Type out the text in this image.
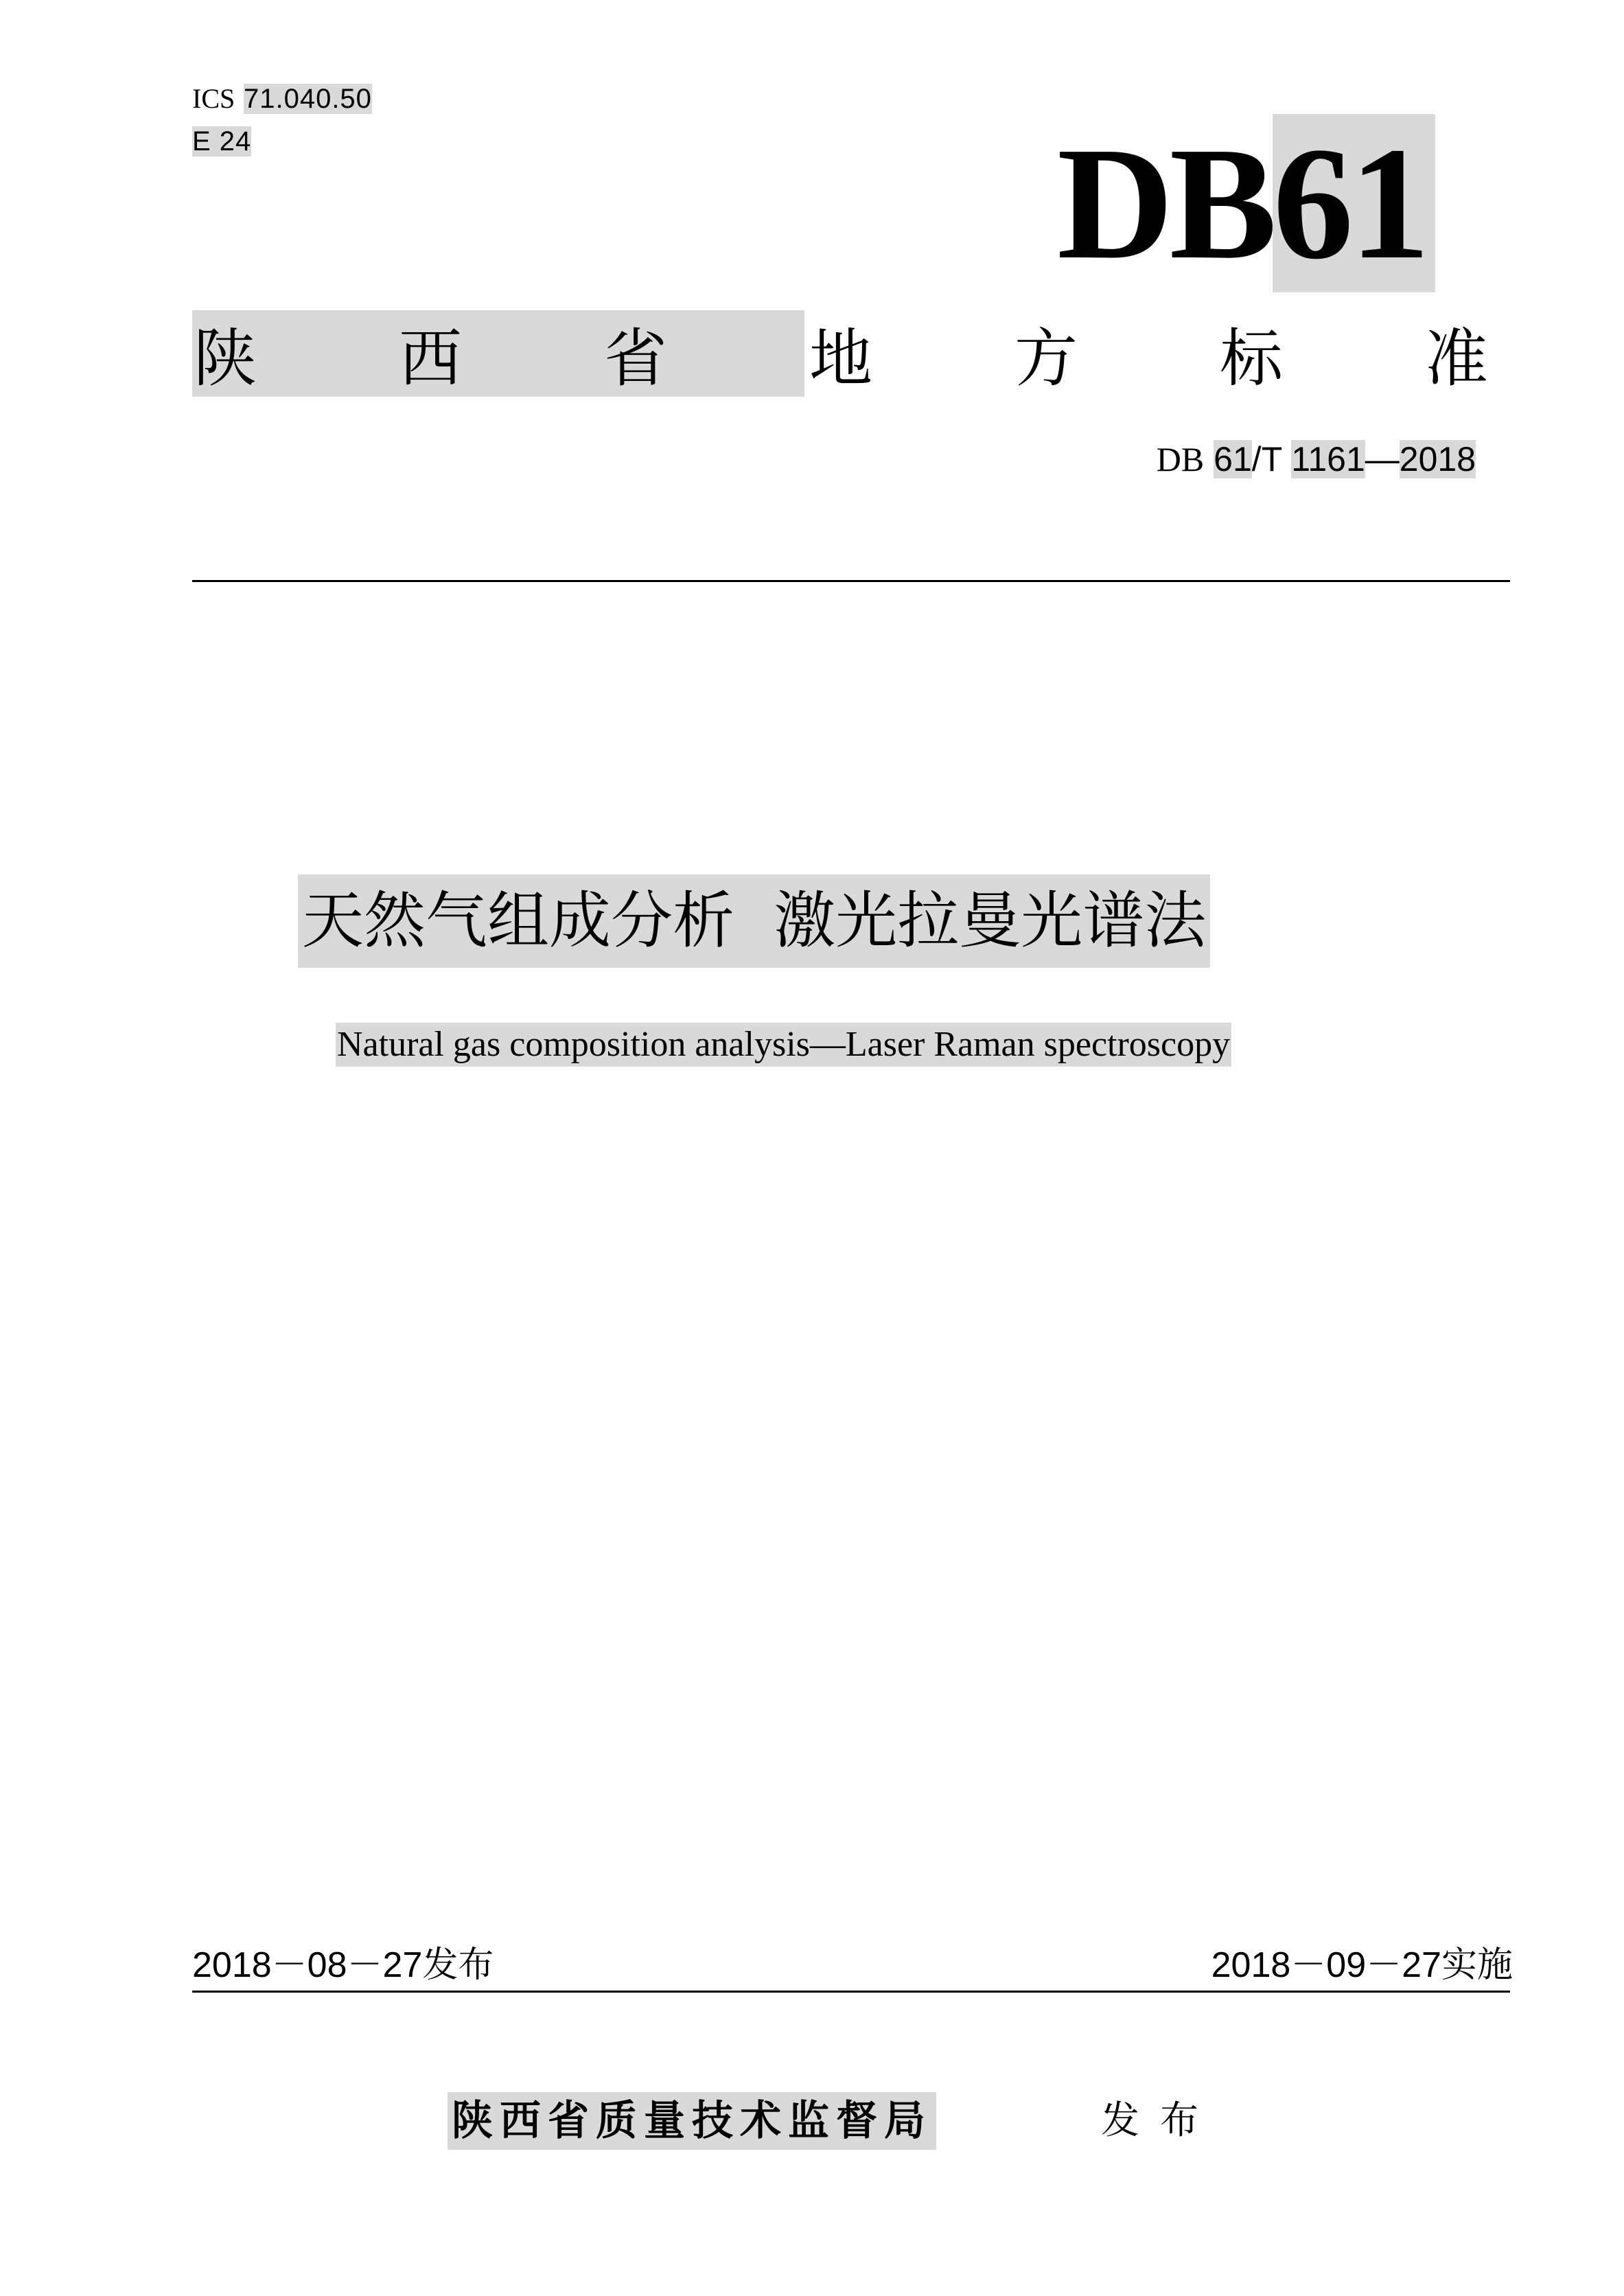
ICS 71.040.50
E 24	DB61
陕 西 省 地 方 标 准
DB 61/T 1161—2018
天然气组成分析  激光拉曼光谱法
Natural gas composition analysis—Laser Raman spectroscopy
2018－08－27发布	2018－09－27实施
陕西省质量技术监督局	发布
